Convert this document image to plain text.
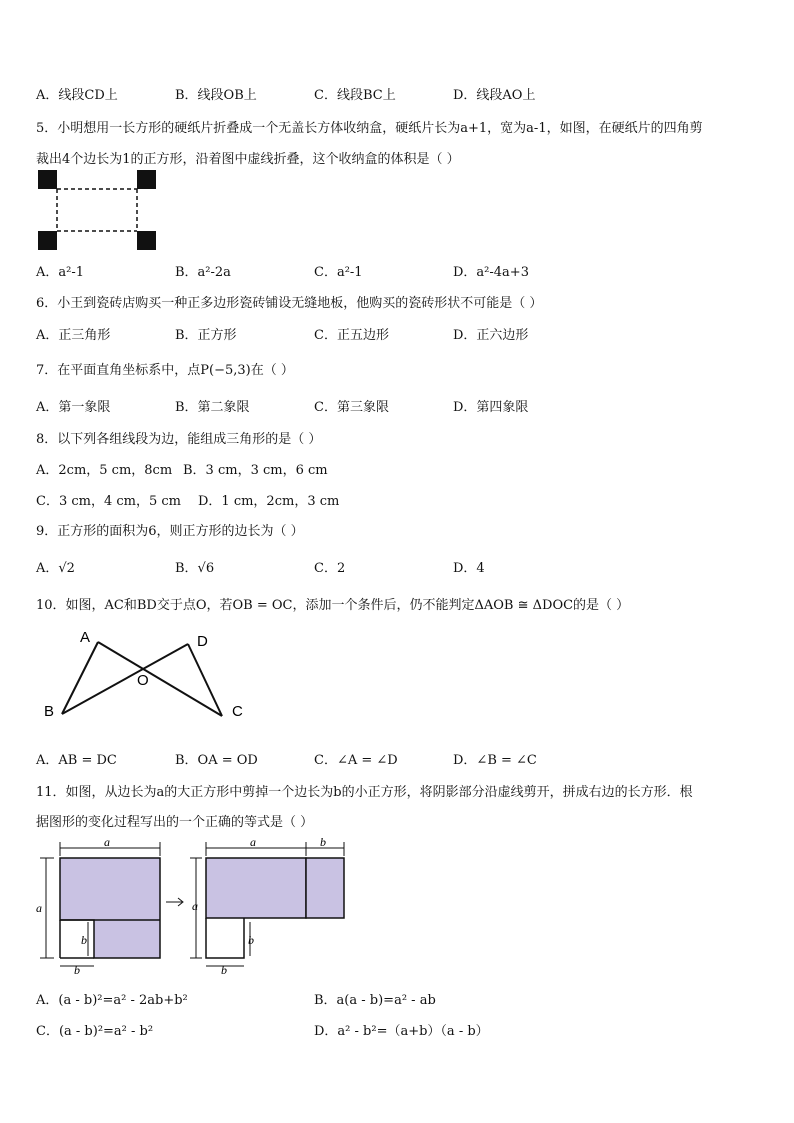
A．线段CD上	B．线段OB上	C．线段BC上	D．线段AO上
5．小明想用一长方形的硬纸片折叠成一个无盖长方体收纳盒，硬纸片长为a+1，宽为a-1，如图，在硬纸片的四角剪
裁出4个边长为1的正方形，沿着图中虚线折叠，这个收纳盒的体积是（ ）
A．a²-1	B．a²-2a	C．a²-1	D．a²-4a+3
6．小王到瓷砖店购买一种正多边形瓷砖铺设无缝地板，他购买的瓷砖形状不可能是（ ）
A．正三角形	B．正方形	C．正五边形	D．正六边形
7．在平面直角坐标系中，点P(−5,3)在（ ）
A．第一象限	B．第二象限	C．第三象限	D．第四象限
8．以下列各组线段为边，能组成三角形的是（ ）
A．2cm，5 cm，8cm B．3 cm，3 cm，6 cm
C．3 cm，4 cm，5 cm D．1 cm，2cm，3 cm
9．正方形的面积为6，则正方形的边长为（ ）
A．√2	B．√6	C．2	D．4
10．如图，AC和BD交于点O，若OB = OC，添加一个条件后，仍不能判定ΔAOB ≅ ΔDOC的是（ ）
A	D
B	C
O
A．AB = DC	B．OA = OD	C．∠A = ∠D	D．∠B = ∠C
11．如图，从边长为a的大正方形中剪掉一个边长为b的小正方形，将阴影部分沿虚线剪开，拼成右边的长方形．根
据图形的变化过程写出的一个正确的等式是（ ）
a
a
b
b
a	b
a
b
b
A．(a - b)²=a² - 2ab+b²	B．a(a - b)=a² - ab
C．(a - b)²=a² - b²	D．a² - b²=（a+b）（a - b）
